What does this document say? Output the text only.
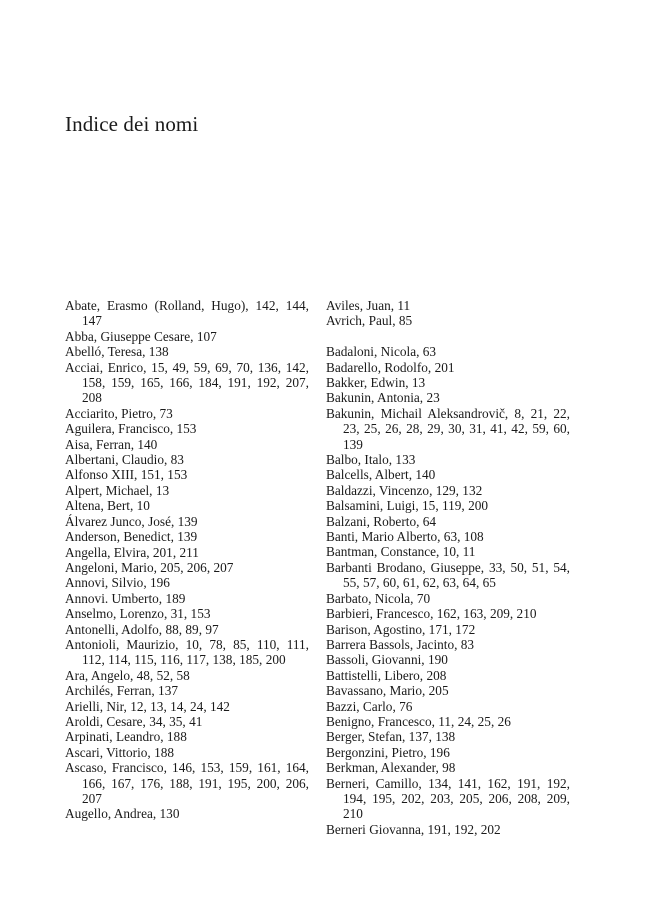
Indice dei nomi
Abate, Erasmo (Rolland, Hugo), 142, 144, 147
Abba, Giuseppe Cesare, 107
Abelló, Teresa, 138
Acciai, Enrico, 15, 49, 59, 69, 70, 136, 142, 158, 159, 165, 166, 184, 191, 192, 207, 208
Acciarito, Pietro, 73
Aguilera, Francisco, 153
Aisa, Ferran, 140
Albertani, Claudio, 83
Alfonso XIII, 151, 153
Alpert, Michael, 13
Altena, Bert, 10
Álvarez Junco, José, 139
Anderson, Benedict, 139
Angella, Elvira, 201, 211
Angeloni, Mario, 205, 206, 207
Annovi, Silvio, 196
Annovi. Umberto, 189
Anselmo, Lorenzo, 31, 153
Antonelli, Adolfo, 88, 89, 97
Antonioli, Maurizio, 10, 78, 85, 110, 111, 112, 114, 115, 116, 117, 138, 185, 200
Ara, Angelo, 48, 52, 58
Archilés, Ferran, 137
Arielli, Nir, 12, 13, 14, 24, 142
Aroldi, Cesare, 34, 35, 41
Arpinati, Leandro, 188
Ascari, Vittorio, 188
Ascaso, Francisco, 146, 153, 159, 161, 164, 166, 167, 176, 188, 191, 195, 200, 206, 207
Augello, Andrea, 130
Aviles, Juan, 11
Avrich, Paul, 85
Badaloni, Nicola, 63
Badarello, Rodolfo, 201
Bakker, Edwin, 13
Bakunin, Antonia, 23
Bakunin, Michail Aleksandrovič, 8, 21, 22, 23, 25, 26, 28, 29, 30, 31, 41, 42, 59, 60, 139
Balbo, Italo, 133
Balcells, Albert, 140
Baldazzi, Vincenzo, 129, 132
Balsamini, Luigi, 15, 119, 200
Balzani, Roberto, 64
Banti, Mario Alberto, 63, 108
Bantman, Constance, 10, 11
Barbanti Brodano, Giuseppe, 33, 50, 51, 54, 55, 57, 60, 61, 62, 63, 64, 65
Barbato, Nicola, 70
Barbieri, Francesco, 162, 163, 209, 210
Barison, Agostino, 171, 172
Barrera Bassols, Jacinto, 83
Bassoli, Giovanni, 190
Battistelli, Libero, 208
Bavassano, Mario, 205
Bazzi, Carlo, 76
Benigno, Francesco, 11, 24, 25, 26
Berger, Stefan, 137, 138
Bergonzini, Pietro, 196
Berkman, Alexander, 98
Berneri, Camillo, 134, 141, 162, 191, 192, 194, 195, 202, 203, 205, 206, 208, 209, 210
Berneri Giovanna, 191, 192, 202
